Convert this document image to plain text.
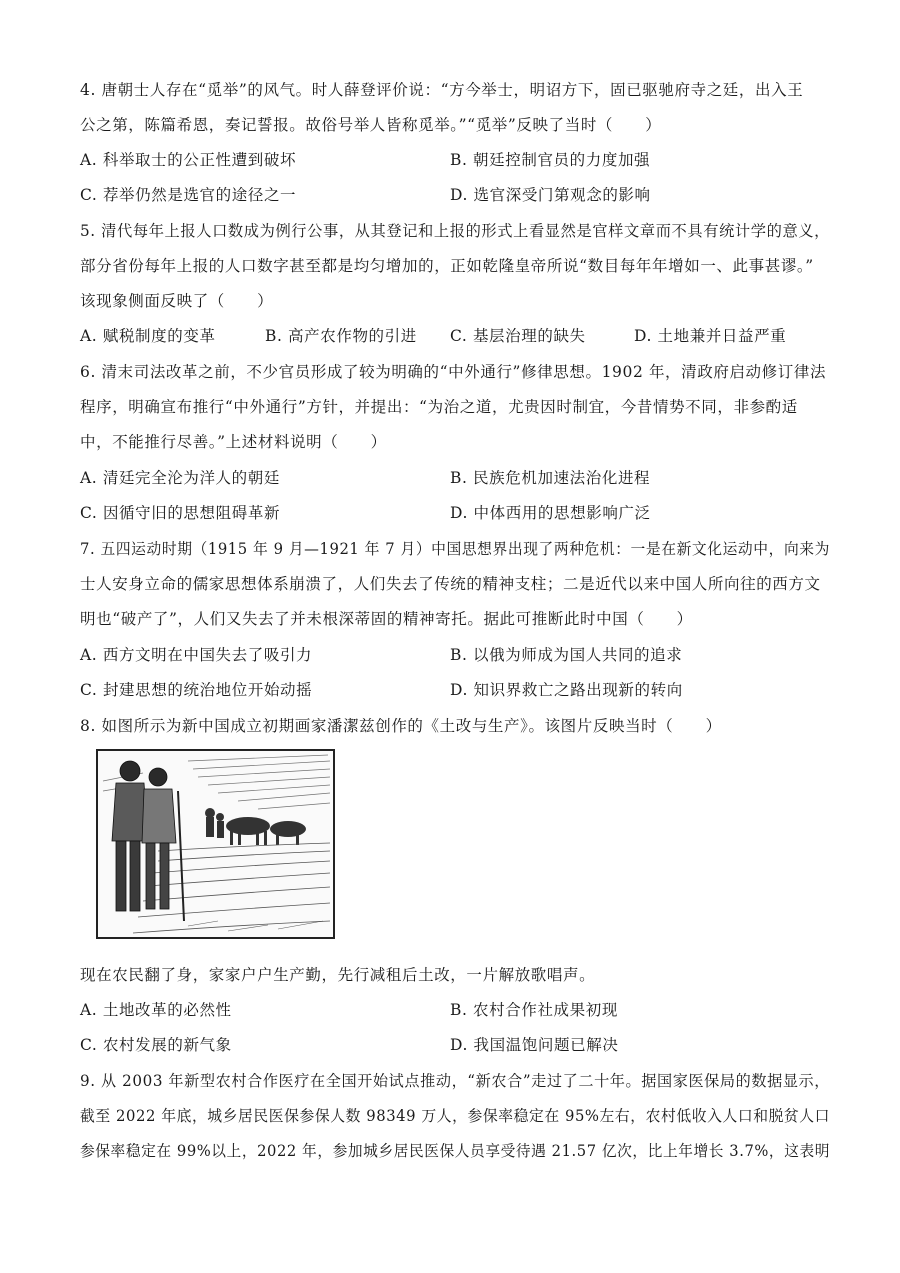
4. 唐朝士人存在“觅举”的风气。时人薛登评价说：“方今举士，明诏方下，固已驱驰府寺之廷，出入王
公之第，陈篇希恩，奏记誓报。故俗号举人皆称觅举。”“觅举”反映了当时（　　）
A. 科举取士的公正性遭到破坏	B. 朝廷控制官员的力度加强
C. 荐举仍然是选官的途径之一	D. 选官深受门第观念的影响
5. 清代每年上报人口数成为例行公事，从其登记和上报的形式上看显然是官样文章而不具有统计学的意义，
部分省份每年上报的人口数字甚至都是均匀增加的，正如乾隆皇帝所说“数目每年年增如一、此事甚谬。”
该现象侧面反映了（　　）
A. 赋税制度的变革	B. 高产农作物的引进 C. 基层治理的缺失	D. 土地兼并日益严重
6. 清末司法改革之前，不少官员形成了较为明确的“中外通行”修律思想。1902 年，清政府启动修订律法
程序，明确宣布推行“中外通行”方针，并提出：“为治之道，尤贵因时制宜，今昔情势不同，非参酌适
中，不能推行尽善。”上述材料说明（　　）
A. 清廷完全沦为洋人的朝廷	B. 民族危机加速法治化进程
C. 因循守旧的思想阻碍革新	D. 中体西用的思想影响广泛
7. 五四运动时期（1915 年 9 月—1921 年 7 月）中国思想界出现了两种危机：一是在新文化运动中，向来为
士人安身立命的儒家思想体系崩溃了，人们失去了传统的精神支柱；二是近代以来中国人所向往的西方文
明也“破产了”，人们又失去了并未根深蒂固的精神寄托。据此可推断此时中国（　　）
A. 西方文明在中国失去了吸引力	B. 以俄为师成为国人共同的追求
C. 封建思想的统治地位开始动摇	D. 知识界救亡之路出现新的转向
8. 如图所示为新中国成立初期画家潘潔兹创作的《土改与生产》。该图片反映当时（　　）
现在农民翻了身，家家户户生产勤，先行减租后土改，一片解放歌唱声。
A. 土地改革的必然性	B. 农村合作社成果初现
C. 农村发展的新气象	D. 我国温饱问题已解决
9. 从 2003 年新型农村合作医疗在全国开始试点推动，“新农合”走过了二十年。据国家医保局的数据显示，
截至 2022 年底，城乡居民医保参保人数 98349 万人，参保率稳定在 95%左右，农村低收入人口和脱贫人口
参保率稳定在 99%以上，2022 年，参加城乡居民医保人员享受待遇 21.57 亿次，比上年增长 3.7%，这表明
